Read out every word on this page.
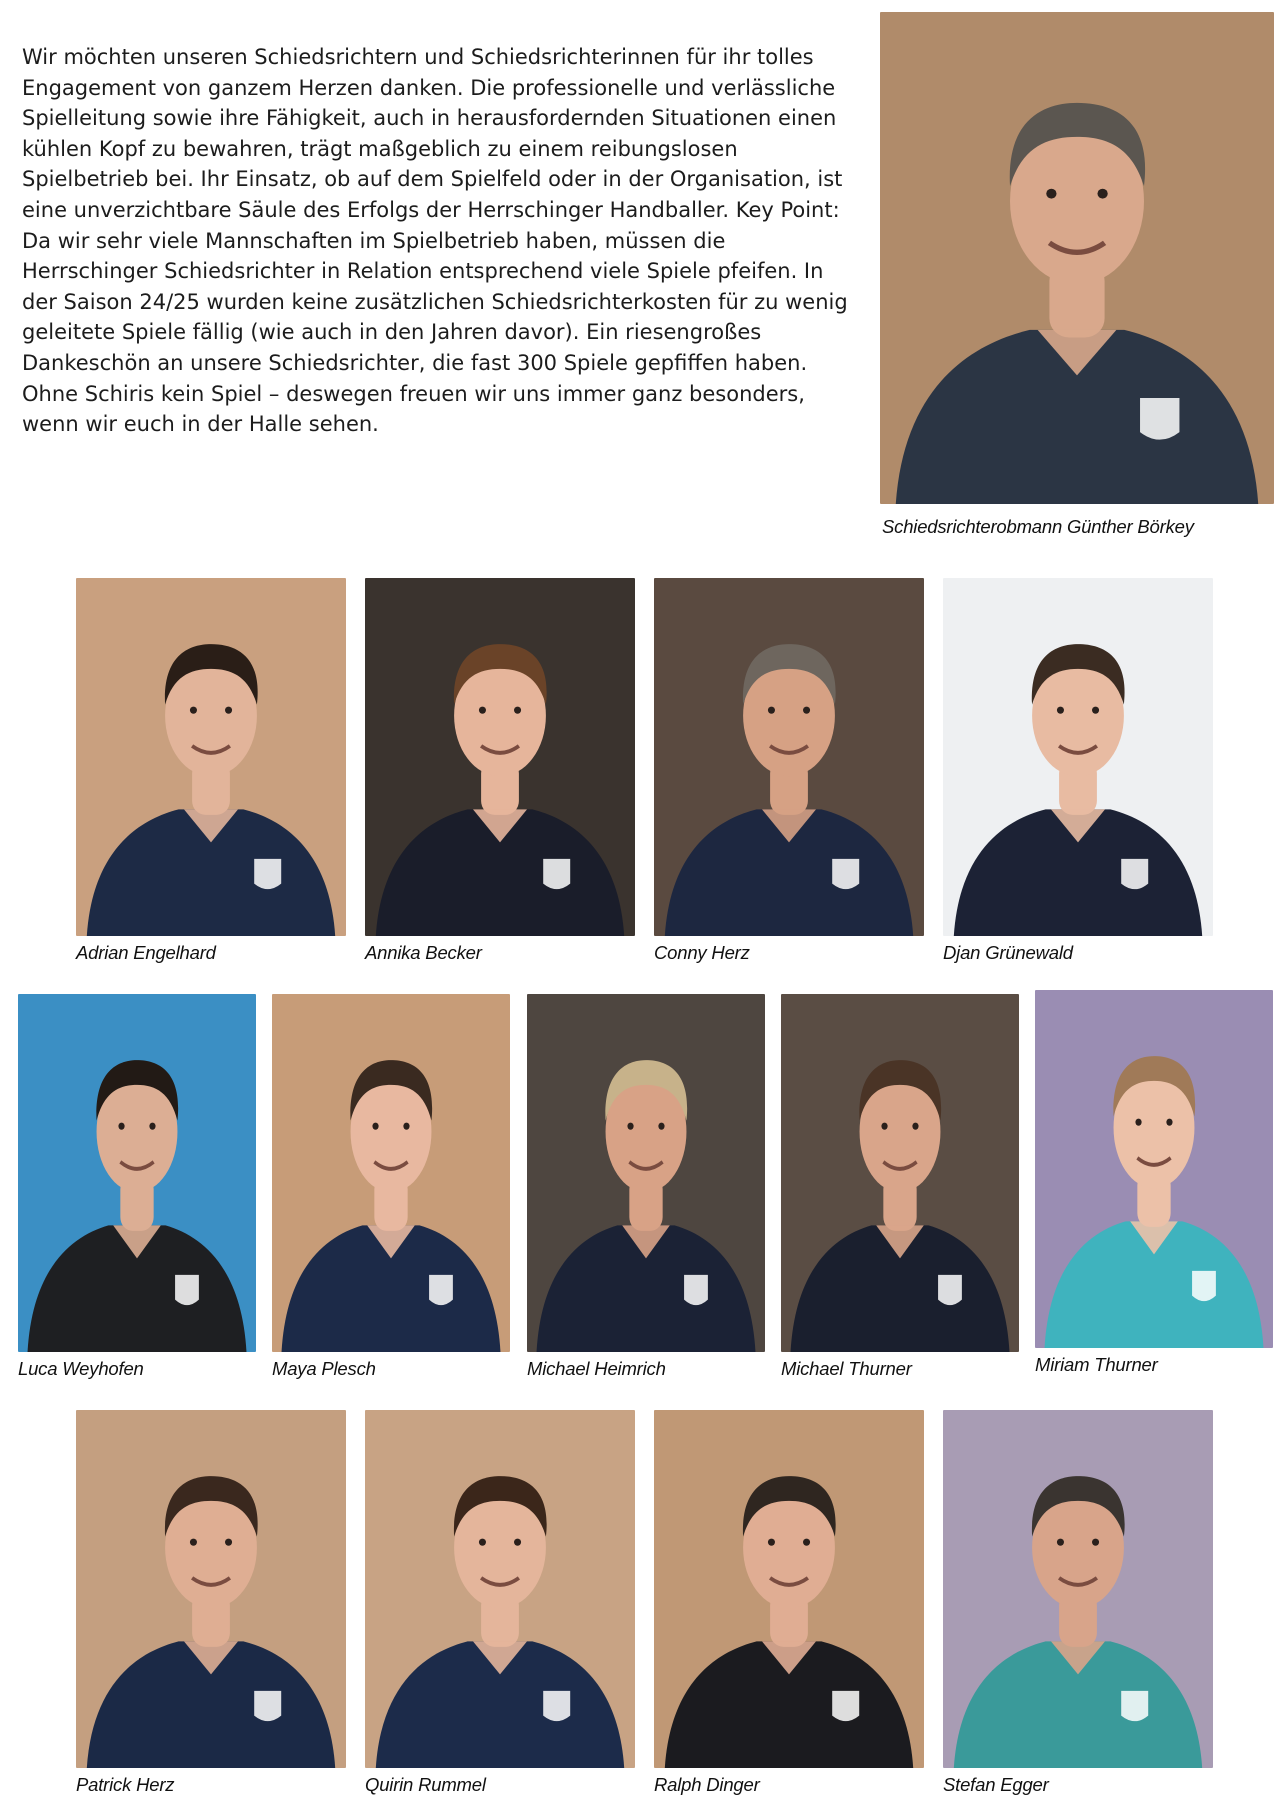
Wir möchten unseren Schiedsrichtern und Schiedsrichterinnen für ihr tolles Engagement von ganzem Herzen danken. Die professionelle und verlässliche Spielleitung sowie ihre Fähigkeit, auch in herausfordernden Situationen einen kühlen Kopf zu bewahren, trägt maßgeblich zu einem reibungslosen Spielbetrieb bei. Ihr Einsatz, ob auf dem Spielfeld oder in der Organisation, ist eine unverzichtbare Säule des Erfolgs der Herrschinger Handballer. Key Point: Da wir sehr viele Mannschaften im Spielbetrieb haben, müssen die Herrschinger Schiedsrichter in Relation entsprechend viele Spiele pfeifen. In der Saison 24/25 wurden keine zusätzlichen Schiedsrichterkosten für zu wenig geleitete Spiele fällig (wie auch in den Jahren davor). Ein riesengroßes Dankeschön an unsere Schiedsrichter, die fast 300 Spiele gepfiffen haben. Ohne Schiris kein Spiel – deswegen freuen wir uns immer ganz besonders, wenn wir euch in der Halle sehen.

Schiedsrichterobmann Günther Börkey
Adrian Engelhard	Annika Becker	Conny Herz	Djan Grünewald
Luca Weyhofen	Maya Plesch	Michael Heimrich	Michael Thurner	Miriam Thurner
Patrick Herz	Quirin Rummel	Ralph Dinger	Stefan Egger
